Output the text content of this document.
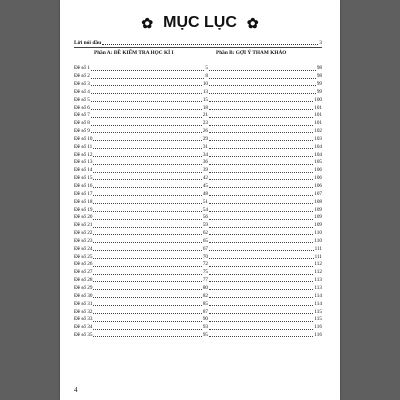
✿ MỤC LỤC ✿
Lời nói đầu	3
Phần A: ĐỀ KIỂM TRA HỌC KÌ I	Phần B: GỢI Ý THAM KHẢO
Đề số 1	5	98
Đề số 2	8	98
Đề số 3	10	99
Đề số 4	13	99
Đề số 5	15	100
Đề số 6	18	101
Đề số 7	21	101
Đề số 8	23	101
Đề số 9	26	102
Đề số 10	29	103
Đề số 11	31	104
Đề số 12	34	104
Đề số 13	36	105
Đề số 14	39	106
Đề số 15	42	106
Đề số 16	45	106
Đề số 17	48	107
Đề số 18	51	108
Đề số 19	54	109
Đề số 20	56	109
Đề số 21	59	109
Đề số 22	62	110
Đề số 23	65	110
Đề số 24	67	111
Đề số 25	70	111
Đề số 26	72	112
Đề số 27	75	112
Đề số 28	77	113
Đề số 29	80	113
Đề số 30	82	114
Đề số 31	85	114
Đề số 32	87	115
Đề số 33	90	115
Đề số 34	93	116
Đề số 35	95	116
4
